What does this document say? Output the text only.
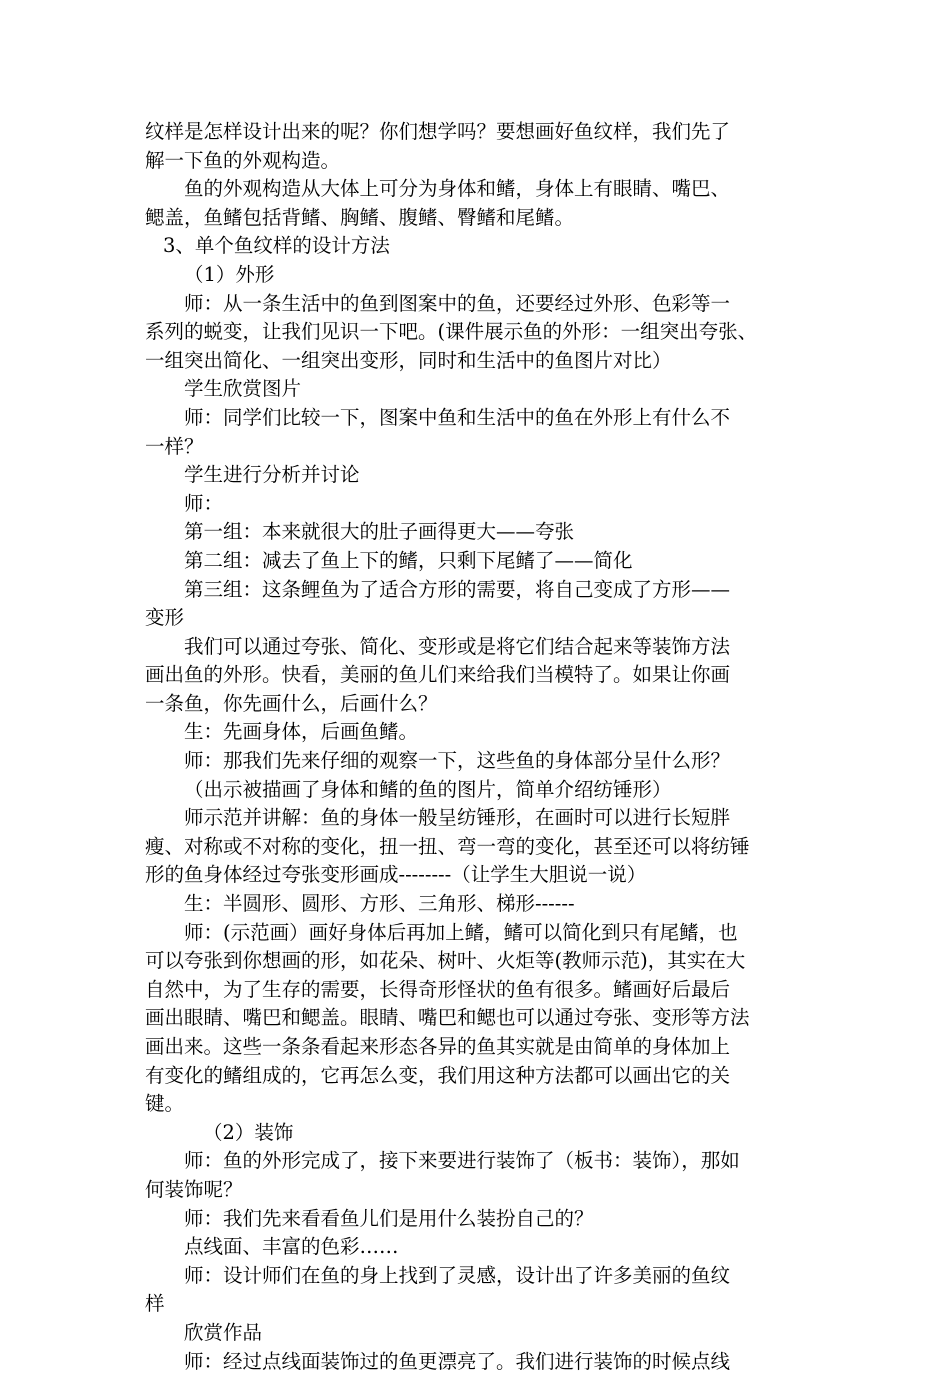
纹样是怎样设计出来的呢？你们想学吗？要想画好鱼纹样，我们先了
解一下鱼的外观构造。
鱼的外观构造从大体上可分为身体和鳍，身体上有眼睛、嘴巴、
鳃盖，鱼鳍包括背鳍、胸鳍、腹鳍、臀鳍和尾鳍。
3、单个鱼纹样的设计方法
（1）外形
师：从一条生活中的鱼到图案中的鱼，还要经过外形、色彩等一
系列的蜕变，让我们见识一下吧。(课件展示鱼的外形：一组突出夸张、
一组突出简化、一组突出变形，同时和生活中的鱼图片对比）
学生欣赏图片
师：同学们比较一下，图案中鱼和生活中的鱼在外形上有什么不
一样？
学生进行分析并讨论
师：
第一组：本来就很大的肚子画得更大——夸张
第二组：减去了鱼上下的鳍，只剩下尾鳍了——简化
第三组：这条鲤鱼为了适合方形的需要，将自己变成了方形——
变形
我们可以通过夸张、简化、变形或是将它们结合起来等装饰方法
画出鱼的外形。快看，美丽的鱼儿们来给我们当模特了。如果让你画
一条鱼，你先画什么，后画什么？
生：先画身体，后画鱼鳍。
师：那我们先来仔细的观察一下，这些鱼的身体部分呈什么形？
（出示被描画了身体和鳍的鱼的图片，简单介绍纺锤形）
师示范并讲解：鱼的身体一般呈纺锤形，在画时可以进行长短胖
瘦、对称或不对称的变化，扭一扭、弯一弯的变化，甚至还可以将纺锤
形的鱼身体经过夸张变形画成--------（让学生大胆说一说）
生：半圆形、圆形、方形、三角形、梯形------
师：(示范画）画好身体后再加上鳍，鳍可以简化到只有尾鳍，也
可以夸张到你想画的形，如花朵、树叶、火炬等(教师示范)，其实在大
自然中，为了生存的需要，长得奇形怪状的鱼有很多。鳍画好后最后
画出眼睛、嘴巴和鳃盖。眼睛、嘴巴和鳃也可以通过夸张、变形等方法
画出来。这些一条条看起来形态各异的鱼其实就是由简单的身体加上
有变化的鳍组成的，它再怎么变，我们用这种方法都可以画出它的关
键。
（2）装饰
师：鱼的外形完成了，接下来要进行装饰了（板书：装饰），那如
何装饰呢？
师：我们先来看看鱼儿们是用什么装扮自己的？
点线面、丰富的色彩……
师：设计师们在鱼的身上找到了灵感，设计出了许多美丽的鱼纹
样
欣赏作品
师：经过点线面装饰过的鱼更漂亮了。我们进行装饰的时候点线
